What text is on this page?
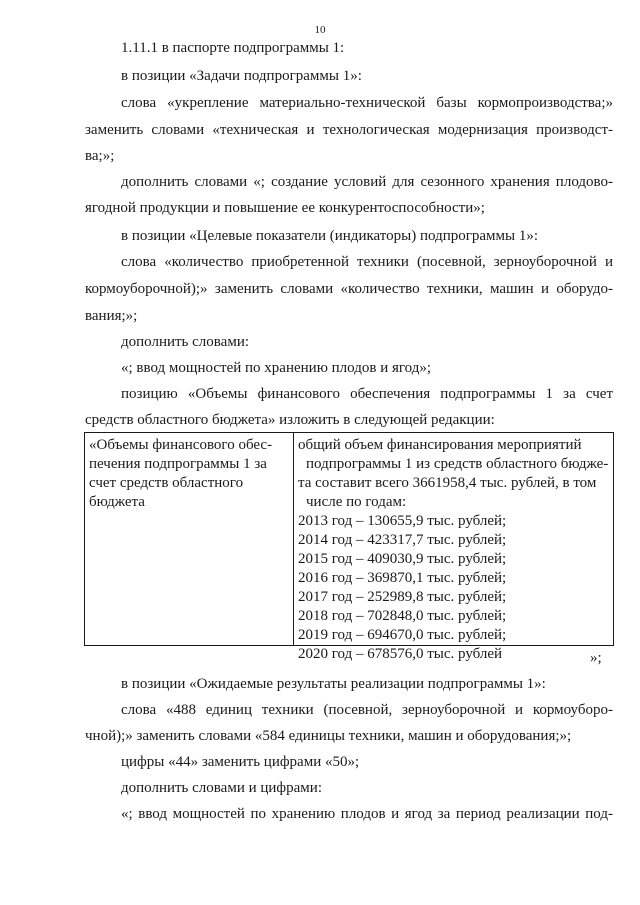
10
1.11.1 в паспорте подпрограммы 1:
в позиции «Задачи подпрограммы 1»:
слова «укрепление материально-технической базы кормопроизводства;»
заменить словами «техническая и технологическая модернизация производст-
ва;»;
дополнить словами «; создание условий для сезонного хранения плодово-
ягодной продукции и повышение ее конкурентоспособности»;
в позиции «Целевые показатели (индикаторы) подпрограммы 1»:
слова «количество приобретенной техники (посевной, зерноуборочной и
кормоуборочной);» заменить словами «количество техники, машин и оборудо-
вания;»;
дополнить словами:
«; ввод мощностей по хранению плодов и ягод»;
позицию «Объемы финансового обеспечения подпрограммы 1 за счет
средств областного бюджета» изложить в следующей редакции:
«Объемы финансового обес-
печения подпрограммы 1 за
счет средств областного
бюджета
общий объем финансирования мероприятий
подпрограммы 1 из средств областного бюдже-
та составит всего 3661958,4 тыс. рублей, в том
числе по годам:
2013 год – 130655,9 тыс. рублей;
2014 год – 423317,7 тыс. рублей;
2015 год – 409030,9 тыс. рублей;
2016 год – 369870,1 тыс. рублей;
2017 год – 252989,8 тыс. рублей;
2018 год – 702848,0 тыс. рублей;
2019 год – 694670,0 тыс. рублей;
2020 год – 678576,0 тыс. рублей	»;
в позиции «Ожидаемые результаты реализации подпрограммы 1»:
слова «488 единиц техники (посевной, зерноуборочной и кормоуборо-
чной);» заменить словами «584 единицы техники, машин и оборудования;»;
цифры «44» заменить цифрами «50»;
дополнить словами и цифрами:
«; ввод мощностей по хранению плодов и ягод за период реализации под-
